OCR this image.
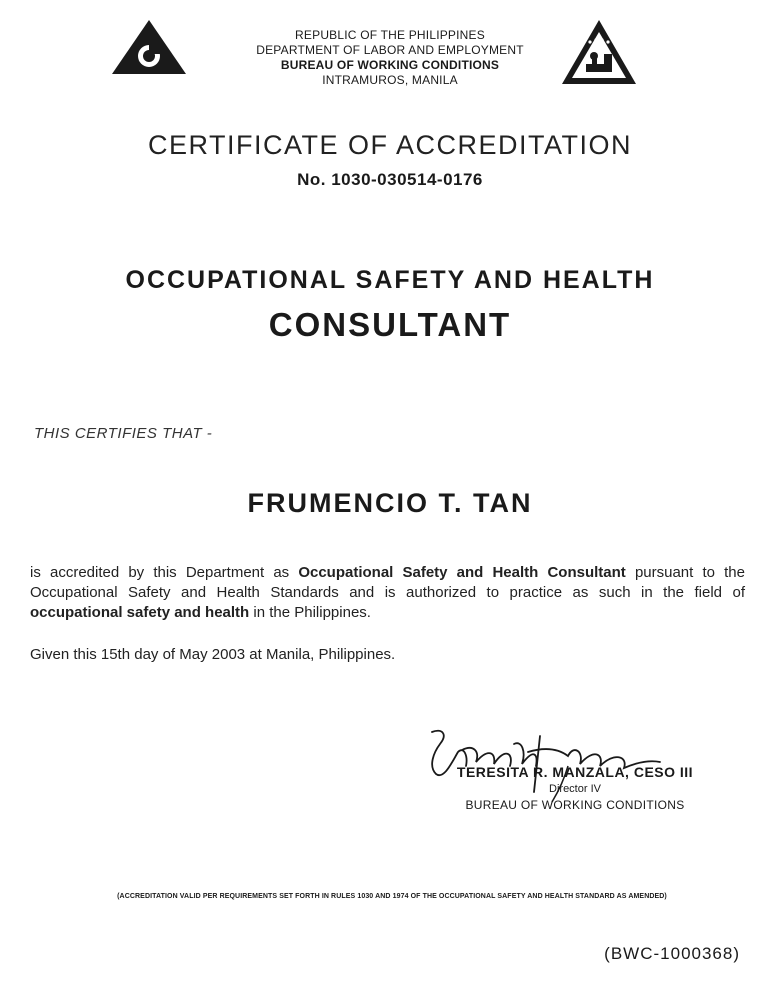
REPUBLIC OF THE PHILIPPINES
DEPARTMENT OF LABOR AND EMPLOYMENT
BUREAU OF WORKING CONDITIONS
INTRAMUROS, MANILA
CERTIFICATE OF ACCREDITATION
No. 1030-030514-0176
OCCUPATIONAL SAFETY AND HEALTH
CONSULTANT
THIS CERTIFIES THAT -
FRUMENCIO T. TAN
is accredited by this Department as Occupational Safety and Health Consultant pursuant to the Occupational Safety and Health Standards and is authorized to practice as such in the field of occupational safety and health in the Philippines.
Given this 15th day of May 2003 at Manila, Philippines.
TERESITA R. MANZALA, CESO III
Director IV
BUREAU OF WORKING CONDITIONS
(ACCREDITATION VALID PER REQUIREMENTS SET FORTH IN RULES 1030 AND 1974 OF THE OCCUPATIONAL SAFETY AND HEALTH STANDARD AS AMENDED)
(BWC-1000368)
